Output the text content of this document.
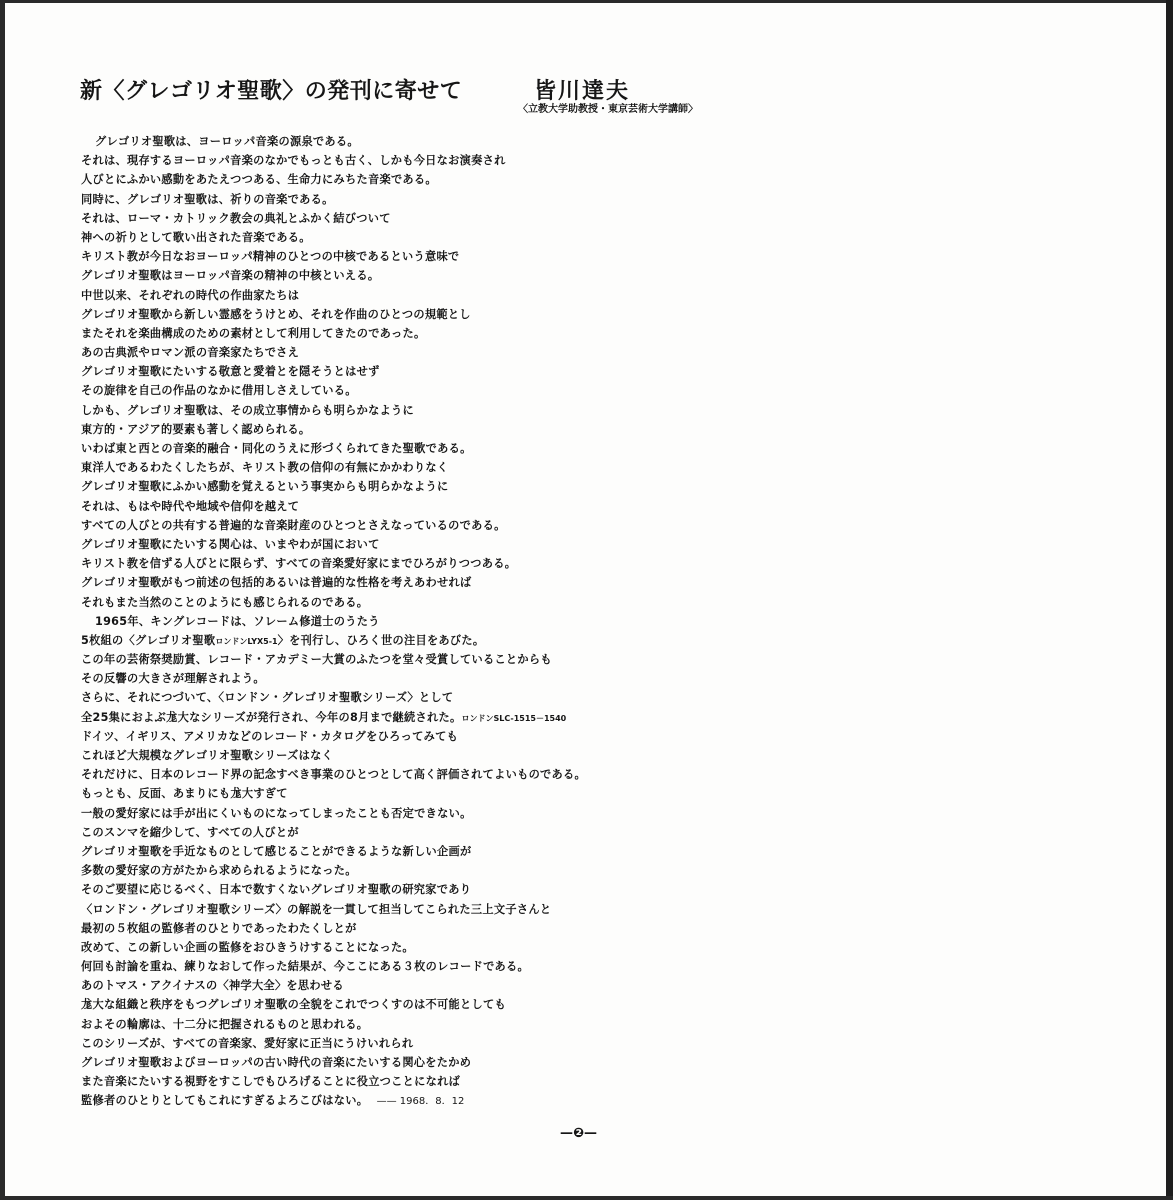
新〈グレゴリオ聖歌〉の発刊に寄せて	皆川達夫
〈立教大学助教授・東京芸術大学講師〉
グレゴリオ聖歌は、ヨーロッパ音楽の源泉である。
それは、現存するヨーロッパ音楽のなかでもっとも古く、しかも今日なお演奏され
人びとにふかい感動をあたえつつある、生命力にみちた音楽である。
同時に、グレゴリオ聖歌は、祈りの音楽である。
それは、ローマ・カトリック教会の典礼とふかく結びついて
神への祈りとして歌い出された音楽である。
キリスト教が今日なおヨーロッパ精神のひとつの中核であるという意味で
グレゴリオ聖歌はヨーロッパ音楽の精神の中核といえる。
中世以来、それぞれの時代の作曲家たちは
グレゴリオ聖歌から新しい霊感をうけとめ、それを作曲のひとつの規範とし
またそれを楽曲構成のための素材として利用してきたのであった。
あの古典派やロマン派の音楽家たちでさえ
グレゴリオ聖歌にたいする敬意と愛着とを隠そうとはせず
その旋律を自己の作品のなかに借用しさえしている。
しかも、グレゴリオ聖歌は、その成立事情からも明らかなように
東方的・アジア的要素も著しく認められる。
いわば東と西との音楽的融合・同化のうえに形づくられてきた聖歌である。
東洋人であるわたくしたちが、キリスト教の信仰の有無にかかわりなく
グレゴリオ聖歌にふかい感動を覚えるという事実からも明らかなように
それは、もはや時代や地域や信仰を越えて
すべての人びとの共有する普遍的な音楽財産のひとつとさえなっているのである。
グレゴリオ聖歌にたいする関心は、いまやわが国において
キリスト教を信ずる人びとに限らず、すべての音楽愛好家にまでひろがりつつある。
グレゴリオ聖歌がもつ前述の包括的あるいは普遍的な性格を考えあわせれば
それもまた当然のことのようにも感じられるのである。
1965年、キングレコードは、ソレーム修道士のうたう
5枚組の〈グレゴリオ聖歌ロンドンLYX5-1〉を刊行し、ひろく世の注目をあびた。
この年の芸術祭奨励賞、レコード・アカデミー大賞のふたつを堂々受賞していることからも
その反響の大きさが理解されよう。
さらに、それにつづいて、〈ロンドン・グレゴリオ聖歌シリーズ〉として
全25集におよぶ尨大なシリーズが発行され、今年の8月まで継続された。ロンドンSLC-1515－1540
ドイツ、イギリス、アメリカなどのレコード・カタログをひろってみても
これほど大規模なグレゴリオ聖歌シリーズはなく
それだけに、日本のレコード界の記念すべき事業のひとつとして高く評価されてよいものである。
もっとも、反面、あまりにも尨大すぎて
一般の愛好家には手が出にくいものになってしまったことも否定できない。
このスンマを縮少して、すべての人びとが
グレゴリオ聖歌を手近なものとして感じることができるような新しい企画が
多数の愛好家の方がたから求められるようになった。
そのご要望に応じるべく、日本で数すくないグレゴリオ聖歌の研究家であり
〈ロンドン・グレゴリオ聖歌シリーズ〉の解説を一貫して担当してこられた三上文子さんと
最初の５枚組の監修者のひとりであったわたくしとが
改めて、この新しい企画の監修をおひきうけすることになった。
何回も討論を重ね、練りなおして作った結果が、今ここにある３枚のレコードである。
あのトマス・アクイナスの〈神学大全〉を思わせる
尨大な組織と秩序をもつグレゴリオ聖歌の全貌をこれでつくすのは不可能としても
およその輪廓は、十二分に把握されるものと思われる。
このシリーズが、すべての音楽家、愛好家に正当にうけいれられ
グレゴリオ聖歌およびヨーロッパの古い時代の音楽にたいする関心をたかめ
また音楽にたいする視野をすこしでもひろげることに役立つことになれば
監修者のひとりとしてもこれにすぎるよろこびはない。 —— 1968．8．12
—❷—
